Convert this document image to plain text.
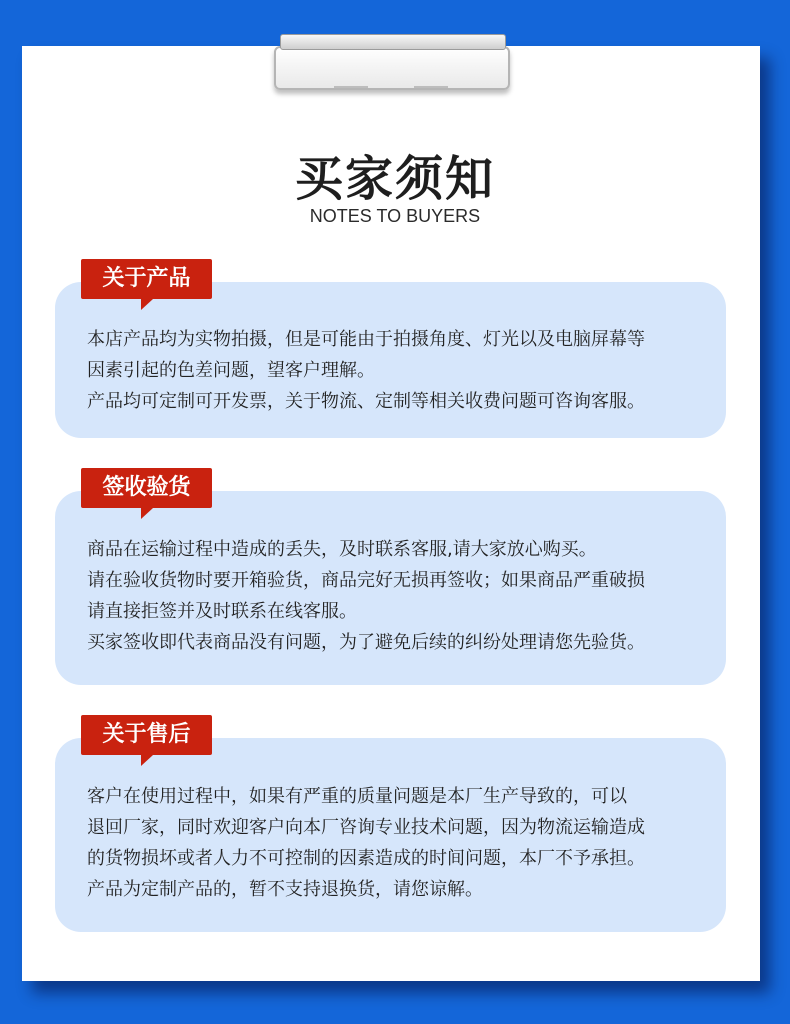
买家须知
NOTES TO BUYERS
关于产品
本店产品均为实物拍摄，但是可能由于拍摄角度、灯光以及电脑屏幕等
因素引起的色差问题，望客户理解。
产品均可定制可开发票，关于物流、定制等相关收费问题可咨询客服。
签收验货
商品在运输过程中造成的丢失，及时联系客服,请大家放心购买。
请在验收货物时要开箱验货，商品完好无损再签收；如果商品严重破损
请直接拒签并及时联系在线客服。
买家签收即代表商品没有问题，为了避免后续的纠纷处理请您先验货。
关于售后
客户在使用过程中，如果有严重的质量问题是本厂生产导致的，可以
退回厂家，同时欢迎客户向本厂咨询专业技术问题，因为物流运输造成
的货物损坏或者人力不可控制的因素造成的时间问题，本厂不予承担。
产品为定制产品的，暂不支持退换货，请您谅解。
